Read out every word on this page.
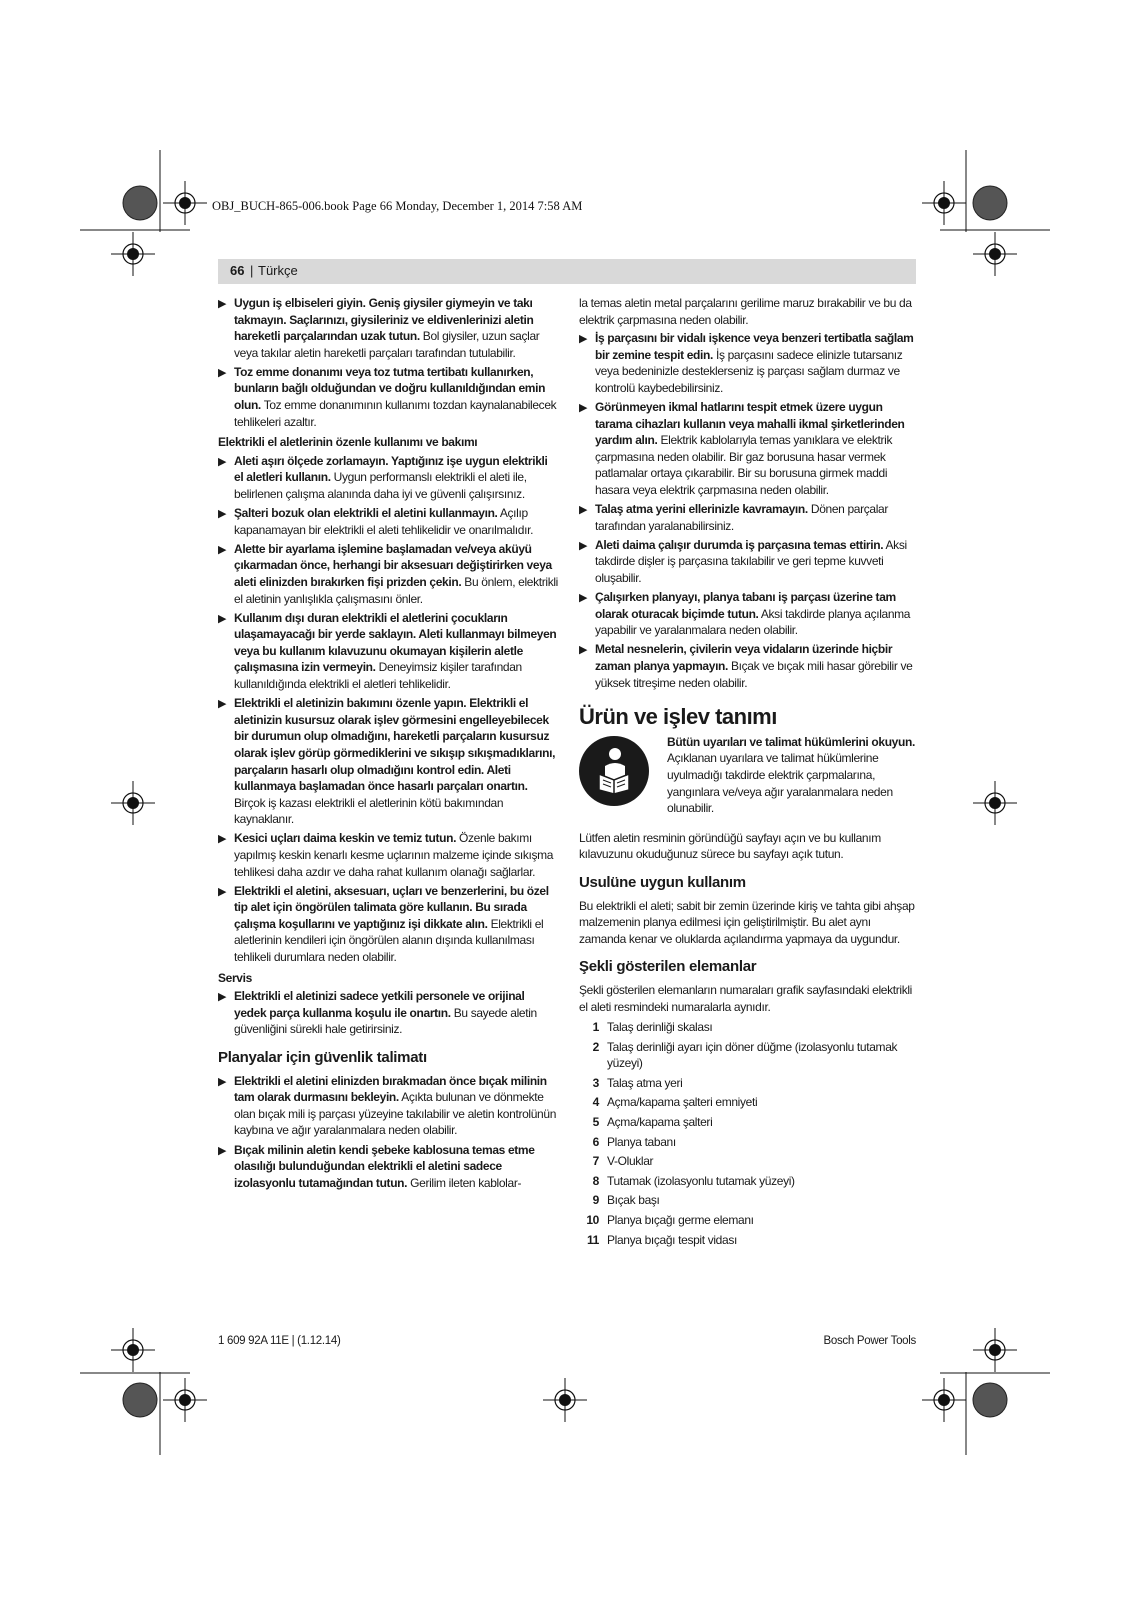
OBJ_BUCH-865-006.book Page 66 Monday, December 1, 2014 7:58 AM
66 | Türkçe
▶ Uygun iş elbiseleri giyin. Geniş giysiler giymeyin ve takı takmayın. Saçlarınızı, giysileriniz ve eldivenlerinizi aletin hareketli parçalarından uzak tutun. Bol giysiler, uzun saçlar veya takılar aletin hareketli parçaları tarafından tutulabilir.
▶ Toz emme donanımı veya toz tutma tertibatı kullanırken, bunların bağlı olduğundan ve doğru kullanıldığından emin olun. Toz emme donanımının kullanımı tozdan kaynalanabilecek tehlikeleri azaltır.
Elektrikli el aletlerinin özenle kullanımı ve bakımı
▶ Aleti aşırı ölçede zorlamayın. Yaptığınız işe uygun elektrikli el aletleri kullanın. Uygun performanslı elektrikli el aleti ile, belirlenen çalışma alanında daha iyi ve güvenli çalışırsınız.
▶ Şalteri bozuk olan elektrikli el aletini kullanmayın. Açılıp kapanamayan bir elektrikli el aleti tehlikelidir ve onarılmalıdır.
▶ Alette bir ayarlama işlemine başlamadan ve/veya aküyü çıkarmadan önce, herhangi bir aksesuarı değiştirirken veya aleti elinizden bırakırken fişi prizden çekin. Bu önlem, elektrikli el aletinin yanlışlıkla çalışmasını önler.
▶ Kullanım dışı duran elektrikli el aletlerini çocukların ulaşamayacağı bir yerde saklayın. Aleti kullanmayı bilmeyen veya bu kullanım kılavuzunu okumayan kişilerin aletle çalışmasına izin vermeyin. Deneyimsiz kişiler tarafından kullanıldığında elektrikli el aletleri tehlikelidir.
▶ Elektrikli el aletinizin bakımını özenle yapın. Elektrikli el aletinizin kusursuz olarak işlev görmesini engelleyebilecek bir durumun olup olmadığını, hareketli parçaların kusursuz olarak işlev görüp görmediklerini ve sıkışıp sıkışmadıklarını, parçaların hasarlı olup olmadığını kontrol edin. Aleti kullanmaya başlamadan önce hasarlı parçaları onartın. Birçok iş kazası elektrikli el aletlerinin kötü bakımından kaynaklanır.
▶ Kesici uçları daima keskin ve temiz tutun. Özenle bakımı yapılmış keskin kenarlı kesme uçlarının malzeme içinde sıkışma tehlikesi daha azdır ve daha rahat kullanım olanağı sağlarlar.
▶ Elektrikli el aletini, aksesuarı, uçları ve benzerlerini, bu özel tip alet için öngörülen talimata göre kullanın. Bu sırada çalışma koşullarını ve yaptığınız işi dikkate alın. Elektrikli el aletlerinin kendileri için öngörülen alanın dışında kullanılması tehlikeli durumlara neden olabilir.
Servis
▶ Elektrikli el aletinizi sadece yetkili personele ve orijinal yedek parça kullanma koşulu ile onartın. Bu sayede aletin güvenliğini sürekli hale getirirsiniz.
Planyalar için güvenlik talimatı
▶ Elektrikli el aletini elinizden bırakmadan önce bıçak milinin tam olarak durmasını bekleyin. Açıkta bulunan ve dönmekte olan bıçak mili iş parçası yüzeyine takılabilir ve aletin kontrolünün kaybına ve ağır yaralanmalara neden olabilir.
▶ Bıçak milinin aletin kendi şebeke kablosuna temas etme olasılığı bulunduğundan elektrikli el aletini sadece izolasyonlu tutamağından tutun. Gerilim ileten kablolar-
la temas aletin metal parçalarını gerilime maruz bırakabilir ve bu da elektrik çarpmasına neden olabilir.
▶ İş parçasını bir vidalı işkence veya benzeri tertibatla sağlam bir zemine tespit edin. İş parçasını sadece elinizle tutarsanız veya bedeninizle desteklerseniz iş parçası sağlam durmaz ve kontrolü kaybedebilirsiniz.
▶ Görünmeyen ikmal hatlarını tespit etmek üzere uygun tarama cihazları kullanın veya mahalli ikmal şirketlerinden yardım alın. Elektrik kablolarıyla temas yanıklara ve elektrik çarpmasına neden olabilir. Bir gaz borusuna hasar vermek patlamalar ortaya çıkarabilir. Bir su borusuna girmek maddi hasara veya elektrik çarpmasına neden olabilir.
▶ Talaş atma yerini ellerinizle kavramayın. Dönen parçalar tarafından yaralanabilirsiniz.
▶ Aleti daima çalışır durumda iş parçasına temas ettirin. Aksi takdirde dişler iş parçasına takılabilir ve geri tepme kuvveti oluşabilir.
▶ Çalışırken planyayı, planya tabanı iş parçası üzerine tam olarak oturacak biçimde tutun. Aksi takdirde planya açılanma yapabilir ve yaralanmalara neden olabilir.
▶ Metal nesnelerin, çivilerin veya vidaların üzerinde hiçbir zaman planya yapmayın. Bıçak ve bıçak mili hasar görebilir ve yüksek titreşime neden olabilir.
Ürün ve işlev tanımı
Bütün uyarıları ve talimat hükümlerini okuyun. Açıklanan uyarılara ve talimat hükümlerine uyulmadığı takdirde elektrik çarpmalarına, yangınlara ve/veya ağır yaralanmalara neden olunabilir.
Lütfen aletin resminin göründüğü sayfayı açın ve bu kullanım kılavuzunu okuduğunuz sürece bu sayfayı açık tutun.
Usulüne uygun kullanım
Bu elektrikli el aleti; sabit bir zemin üzerinde kiriş ve tahta gibi ahşap malzemenin planya edilmesi için geliştirilmiştir. Bu alet aynı zamanda kenar ve oluklarda açılandırma yapmaya da uygundur.
Şekli gösterilen elemanlar
Şekli gösterilen elemanların numaraları grafik sayfasındaki elektrikli el aleti resmindeki numaralarla aynıdır.
1 Talaş derinliği skalası
2 Talaş derinliği ayarı için döner düğme (izolasyonlu tutamak yüzeyi)
3 Talaş atma yeri
4 Açma/kapama şalteri emniyeti
5 Açma/kapama şalteri
6 Planya tabanı
7 V-Oluklar
8 Tutamak (izolasyonlu tutamak yüzeyi)
9 Bıçak başı
10 Planya bıçağı germe elemanı
11 Planya bıçağı tespit vidası
1 609 92A 11E | (1.12.14)	Bosch Power Tools
